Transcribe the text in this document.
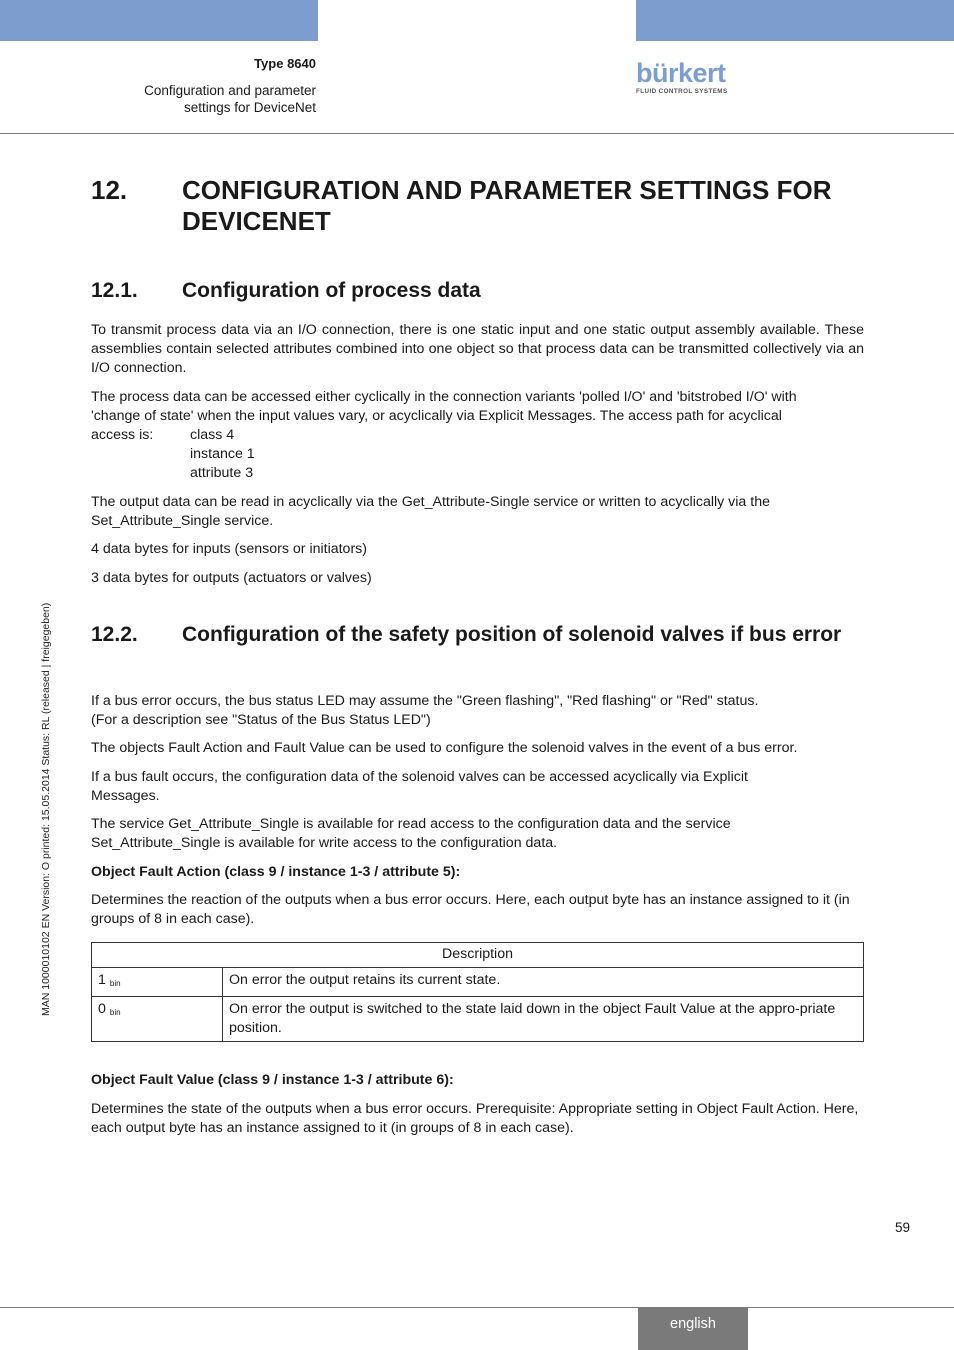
Type 8640
Configuration and parameter
settings for DeviceNet
bürkert
FLUID CONTROL SYSTEMS
MAN 1000010102 EN Version: O printed: 15.05.2014 Status: RL (released | freigegeben)
12. CONFIGURATION AND PARAMETER SETTINGS FOR DEVICENET
12.1. Configuration of process data
To transmit process data via an I/O connection, there is one static input and one static output assembly available. These assemblies contain selected attributes combined into one object so that process data can be transmitted collectively via an I/O connection.
The process data can be accessed either cyclically in the connection variants 'polled I/O' and 'bitstrobed I/O' with
'change of state' when the input values vary, or acyclically via Explicit Messages. The access path for acyclical
access is:	class 4
instance 1
attribute 3
The output data can be read in acyclically via the Get_Attribute-Single service or written to acyclically via the Set_Attribute_Single service.
4 data bytes for inputs (sensors or initiators)
3 data bytes for outputs (actuators or valves)
12.2. Configuration of the safety position of solenoid valves if bus error
If a bus error occurs, the bus status LED may assume the "Green flashing", "Red flashing" or "Red" status.
(For a description see "Status of the Bus Status LED")
The objects Fault Action and Fault Value can be used to configure the solenoid valves in the event of a bus error.
If a bus fault occurs, the configuration data of the solenoid valves can be accessed acyclically via Explicit Messages.
The service Get_Attribute_Single is available for read access to the configuration data and the service Set_Attribute_Single is available for write access to the configuration data.
Object Fault Action (class 9 / instance 1-3 / attribute 5):
Determines the reaction of the outputs when a bus error occurs. Here, each output byte has an instance assigned to it (in groups of 8 in each case).
Description	
1 $_{bin}$	On error the output retains its current state.
0 $_{bin}$	On error the output is switched to the state laid down in the object Fault Value at the appro-priate position.
Object Fault Value (class 9 / instance 1-3 / attribute 6):
Determines the state of the outputs when a bus error occurs. Prerequisite: Appropriate setting in Object Fault Action. Here, each output byte has an instance assigned to it (in groups of 8 in each case).
59
english
